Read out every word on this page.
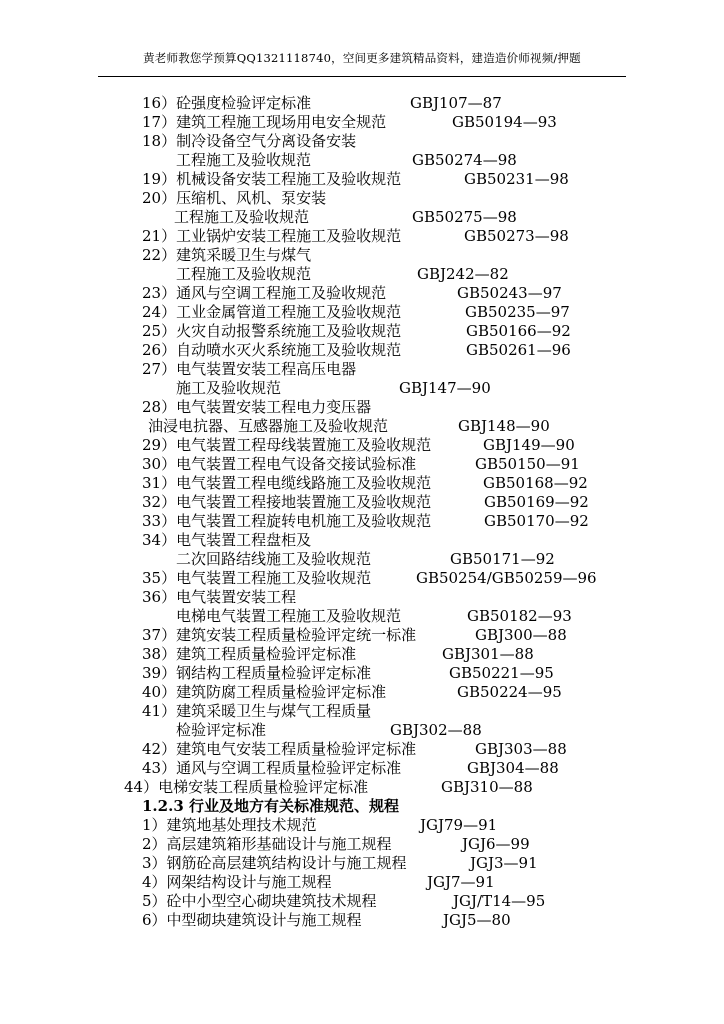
黄老师教您学预算QQ1321118740，空间更多建筑精品资料，建造造价师视频/押题
16）砼强度检验评定标准	GBJ107—87
17）建筑工程施工现场用电安全规范	GB50194—93
18）制冷设备空气分离设备安装
工程施工及验收规范	GB50274—98
19）机械设备安装工程施工及验收规范	GB50231—98
20）压缩机、风机、泵安装
工程施工及验收规范	GB50275—98
21）工业锅炉安装工程施工及验收规范	GB50273—98
22）建筑采暖卫生与煤气
工程施工及验收规范	GBJ242—82
23）通风与空调工程施工及验收规范	GB50243—97
24）工业金属管道工程施工及验收规范	GB50235—97
25）火灾自动报警系统施工及验收规范	GB50166—92
26）自动喷水灭火系统施工及验收规范	GB50261—96
27）电气装置安装工程高压电器
施工及验收规范	GBJ147—90
28）电气装置安装工程电力变压器
油浸电抗器、互感器施工及验收规范	GBJ148—90
29）电气装置工程母线装置施工及验收规范	GBJ149—90
30）电气装置工程电气设备交接试验标准	GB50150—91
31）电气装置工程电缆线路施工及验收规范	GB50168—92
32）电气装置工程接地装置施工及验收规范	GB50169—92
33）电气装置工程旋转电机施工及验收规范	GB50170—92
34）电气装置工程盘柜及
二次回路结线施工及验收规范	GB50171—92
35）电气装置工程施工及验收规范	GB50254/GB50259—96
36）电气装置安装工程
电梯电气装置工程施工及验收规范	GB50182—93
37）建筑安装工程质量检验评定统一标准	GBJ300—88
38）建筑工程质量检验评定标准	GBJ301—88
39）钢结构工程质量检验评定标准	GB50221—95
40）建筑防腐工程质量检验评定标准	GB50224—95
41）建筑采暖卫生与煤气工程质量
检验评定标准	GBJ302—88
42）建筑电气安装工程质量检验评定标准	GBJ303—88
43）通风与空调工程质量检验评定标准	GBJ304—88
44）电梯安装工程质量检验评定标准	GBJ310—88
1.2.3 行业及地方有关标准规范、规程
1）建筑地基处理技术规范	JGJ79—91
2）高层建筑箱形基础设计与施工规程	JGJ6—99
3）钢筋砼高层建筑结构设计与施工规程	JGJ3—91
4）网架结构设计与施工规程	JGJ7—91
5）砼中小型空心砌块建筑技术规程	JGJ/T14—95
6）中型砌块建筑设计与施工规程	JGJ5—80
